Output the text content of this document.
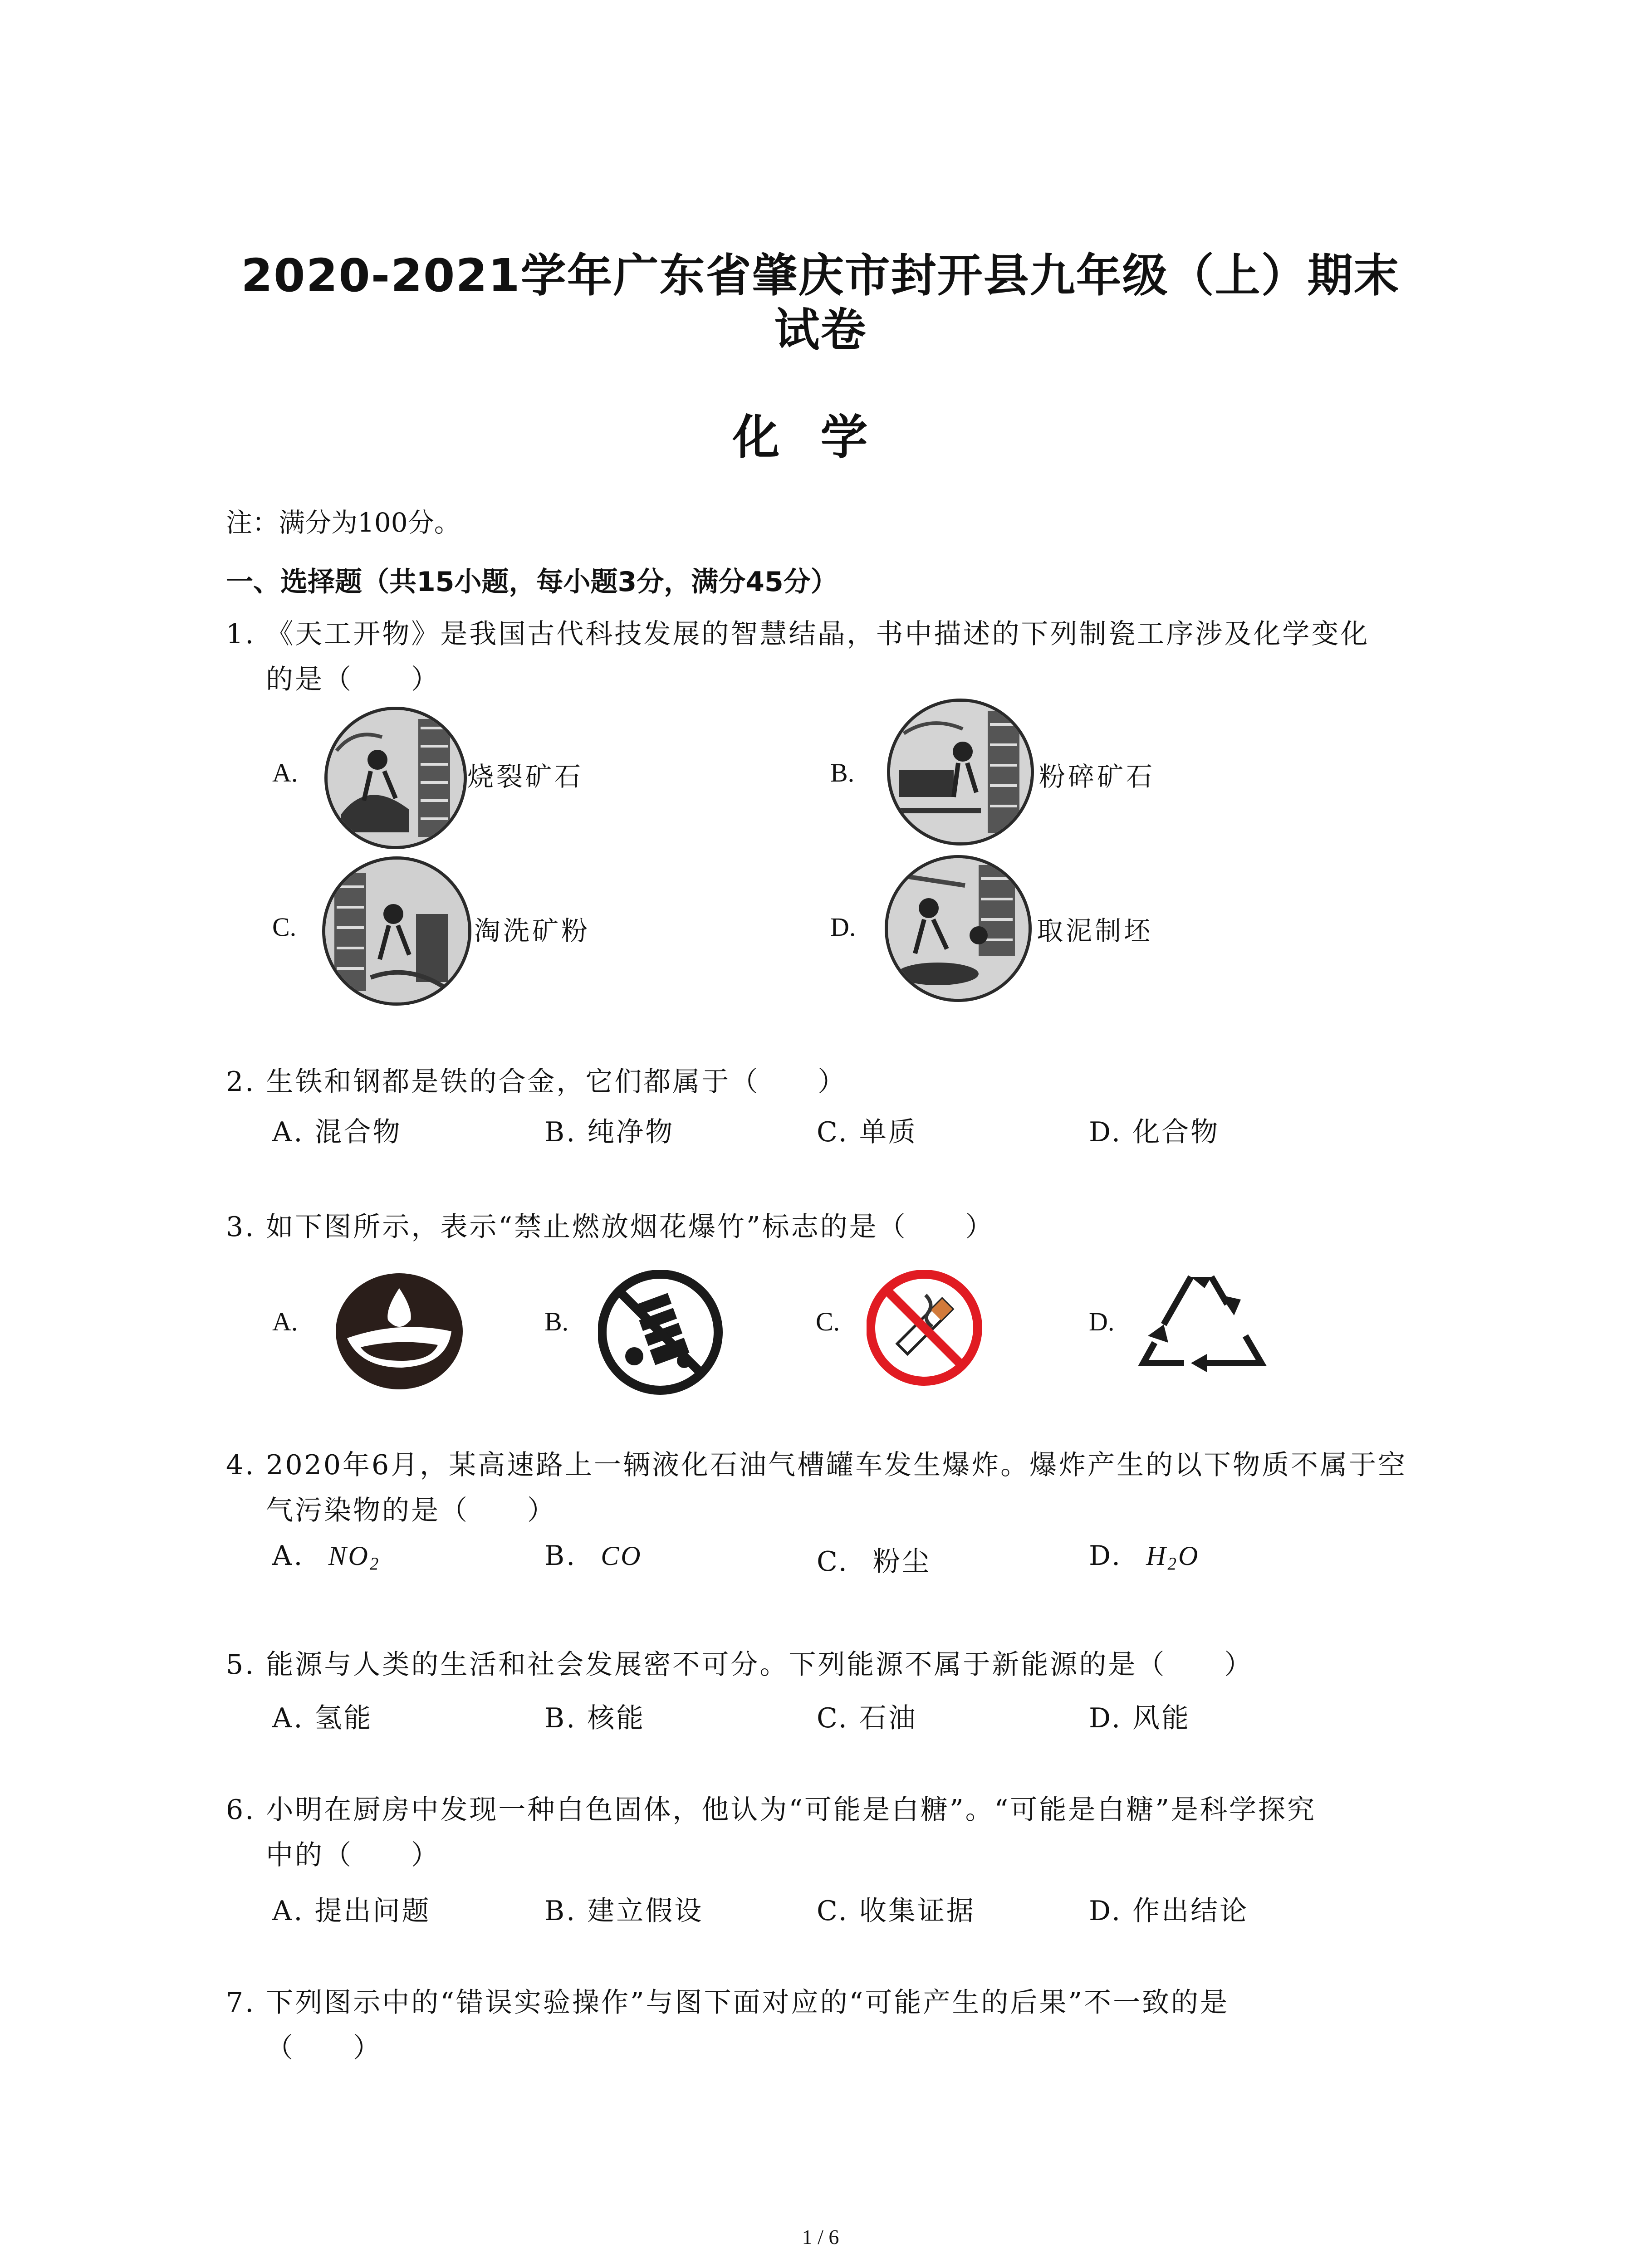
2020-2021学年广东省肇庆市封开县九年级（上）期末
试卷
化学
注：满分为100分。
一、选择题（共15小题，每小题3分，满分45分）
1. 《天工开物》是我国古代科技发展的智慧结晶，书中描述的下列制瓷工序涉及化学变化
的是（　　）
A.	烧裂矿石	B.	粉碎矿石
C.	淘洗矿粉	D.	取泥制坯
2. 生铁和钢都是铁的合金，它们都属于（　　）
A. 混合物	B. 纯净物	C. 单质	D. 化合物
3. 如下图所示，表示“禁止燃放烟花爆竹”标志的是（　　）
A.	B.	C.	D.
4. 2020年6月，某高速路上一辆液化石油气槽罐车发生爆炸。爆炸产生的以下物质不属于空
气污染物的是（　　）
A. $NO_2$	B. CO	C. 粉尘	D. $H_2O$
5. 能源与人类的生活和社会发展密不可分。下列能源不属于新能源的是（　　）
A. 氢能	B. 核能	C. 石油	D. 风能
6. 小明在厨房中发现一种白色固体，他认为“可能是白糖”。“可能是白糖”是科学探究
中的（　　）
A. 提出问题	B. 建立假设	C. 收集证据	D. 作出结论
7. 下列图示中的“错误实验操作”与图下面对应的“可能产生的后果”不一致的是
（　　）
1 / 6
